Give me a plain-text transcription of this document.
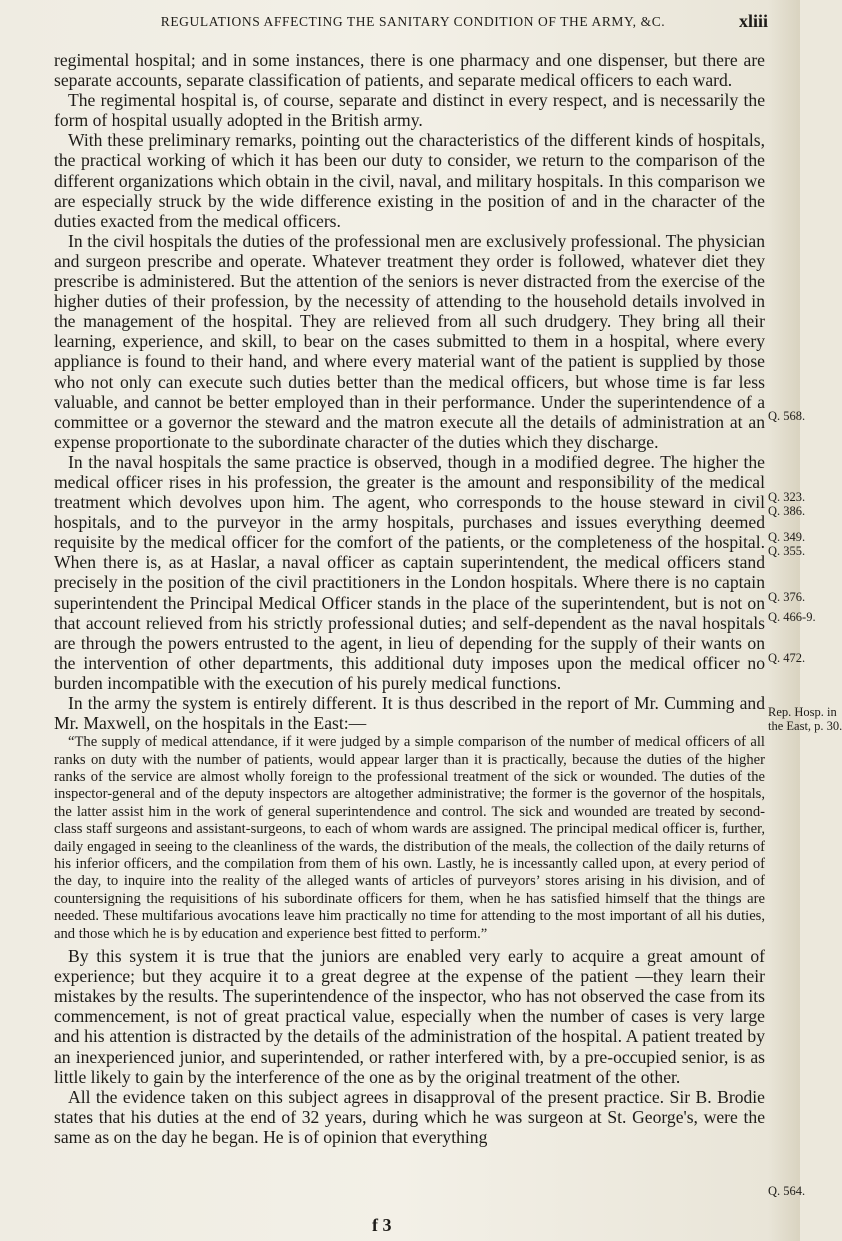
REGULATIONS AFFECTING THE SANITARY CONDITION OF THE ARMY, &C.	xliii

regimental hospital; and in some instances, there is one pharmacy and one dispenser, but there are separate accounts, separate classification of patients, and separate medical officers to each ward.

The regimental hospital is, of course, separate and distinct in every respect, and is necessarily the form of hospital usually adopted in the British army.

With these preliminary remarks, pointing out the characteristics of the different kinds of hospitals, the practical working of which it has been our duty to consider, we return to the comparison of the different organizations which obtain in the civil, naval, and military hospitals. In this comparison we are especially struck by the wide difference existing in the position of and in the character of the duties exacted from the medical officers.

In the civil hospitals the duties of the professional men are exclusively professional. The physician and surgeon prescribe and operate. Whatever treatment they order is followed, whatever diet they prescribe is administered. But the attention of the seniors is never distracted from the exercise of the higher duties of their profession, by the necessity of attending to the household details involved in the management of the hospital. They are relieved from all such drudgery. They bring all their learning, experience, and skill, to bear on the cases submitted to them in a hospital, where every appliance is found to their hand, and where every material want of the patient is supplied by those who not only can execute such duties better than the medical officers, but whose time is far less valuable, and cannot be better employed than in their performance. Under the superintendence of a committee or a governor the steward and the matron execute all the details of administration at an expense proportionate to the subordinate character of the duties which they discharge.

In the naval hospitals the same practice is observed, though in a modified degree. The higher the medical officer rises in his profession, the greater is the amount and responsibility of the medical treatment which devolves upon him. The agent, who corresponds to the house steward in civil hospitals, and to the purveyor in the army hospitals, purchases and issues everything deemed requisite by the medical officer for the comfort of the patients, or the completeness of the hospital. When there is, as at Haslar, a naval officer as captain superintendent, the medical officers stand precisely in the position of the civil practitioners in the London hospitals. Where there is no captain superintendent the Principal Medical Officer stands in the place of the superintendent, but is not on that account relieved from his strictly professional duties; and self-dependent as the naval hospitals are through the powers entrusted to the agent, in lieu of depending for the supply of their wants on the intervention of other departments, this additional duty imposes upon the medical officer no burden incompatible with the execution of his purely medical functions.

In the army the system is entirely different. It is thus described in the report of Mr. Cumming and Mr. Maxwell, on the hospitals in the East:—

“The supply of medical attendance, if it were judged by a simple comparison of the number of medical officers of all ranks on duty with the number of patients, would appear larger than it is practically, because the duties of the higher ranks of the service are almost wholly foreign to the professional treatment of the sick or wounded. The duties of the inspector-general and of the deputy inspectors are altogether administrative; the former is the governor of the hospitals, the latter assist him in the work of general superintendence and control. The sick and wounded are treated by second-class staff surgeons and assistant-surgeons, to each of whom wards are assigned. The principal medical officer is, further, daily engaged in seeing to the cleanliness of the wards, the distribution of the meals, the collection of the daily returns of his inferior officers, and the compilation from them of his own. Lastly, he is incessantly called upon, at every period of the day, to inquire into the reality of the alleged wants of articles of purveyors’ stores arising in his division, and of countersigning the requisitions of his subordinate officers for them, when he has satisfied himself that the things are needed. These multifarious avocations leave him practically no time for attending to the most important of all his duties, and those which he is by education and experience best fitted to perform.”

By this system it is true that the juniors are enabled very early to acquire a great amount of experience; but they acquire it to a great degree at the expense of the patient —they learn their mistakes by the results. The superintendence of the inspector, who has not observed the case from its commencement, is not of great practical value, especially when the number of cases is very large and his attention is distracted by the details of the administration of the hospital. A patient treated by an inexperienced junior, and superintended, or rather interfered with, by a pre-occupied senior, is as little likely to gain by the interference of the one as by the original treatment of the other.

All the evidence taken on this subject agrees in disapproval of the present practice. Sir B. Brodie states that his duties at the end of 32 years, during which he was surgeon at St. George's, were the same as on the day he began. He is of opinion that everything

Q. 568.
Q. 323.
Q. 386.
Q. 349.
Q. 355.
Q. 376.
Q. 466-9.
Q. 472.
Rep. Hosp. in
the East, p. 30.
Q. 564.
f 3
